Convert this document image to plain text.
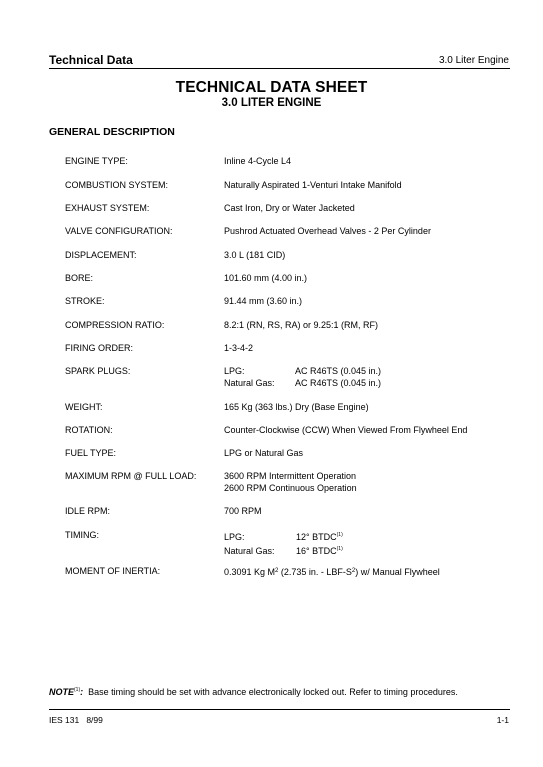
Technical Data	3.0 Liter Engine
TECHNICAL DATA SHEET
3.0 LITER ENGINE
GENERAL DESCRIPTION
ENGINE TYPE:	Inline 4-Cycle L4
COMBUSTION SYSTEM:	Naturally Aspirated 1-Venturi Intake Manifold
EXHAUST SYSTEM:	Cast Iron, Dry or Water Jacketed
VALVE CONFIGURATION:	Pushrod Actuated Overhead Valves - 2 Per Cylinder
DISPLACEMENT:	3.0 L (181 CID)
BORE:	101.60 mm (4.00 in.)
STROKE:	91.44 mm (3.60 in.)
COMPRESSION RATIO:	8.2:1 (RN, RS, RA) or 9.25:1 (RM, RF)
FIRING ORDER:	1-3-4-2
SPARK PLUGS:	LPG:	AC R46TS (0.045 in.)
Natural Gas: AC R46TS (0.045 in.)
WEIGHT:	165 Kg (363 lbs.) Dry (Base Engine)
ROTATION:	Counter-Clockwise (CCW) When Viewed From Flywheel End
FUEL TYPE:	LPG or Natural Gas
MAXIMUM RPM @ FULL LOAD:	3600 RPM Intermittent Operation
2600 RPM Continuous Operation
IDLE RPM:	700 RPM
TIMING:	LPG:	12° BTDC$^{(1)}$
Natural Gas: 16° BTDC$^{(1)}$
MOMENT OF INERTIA:	0.3091 Kg $M^2$ (2.735 in. - LBF-$S^2$) w/ Manual Flywheel
NOTE$^{(1)}$: Base timing should be set with advance electronically locked out. Refer to timing procedures.
IES 131   8/99	1-1
